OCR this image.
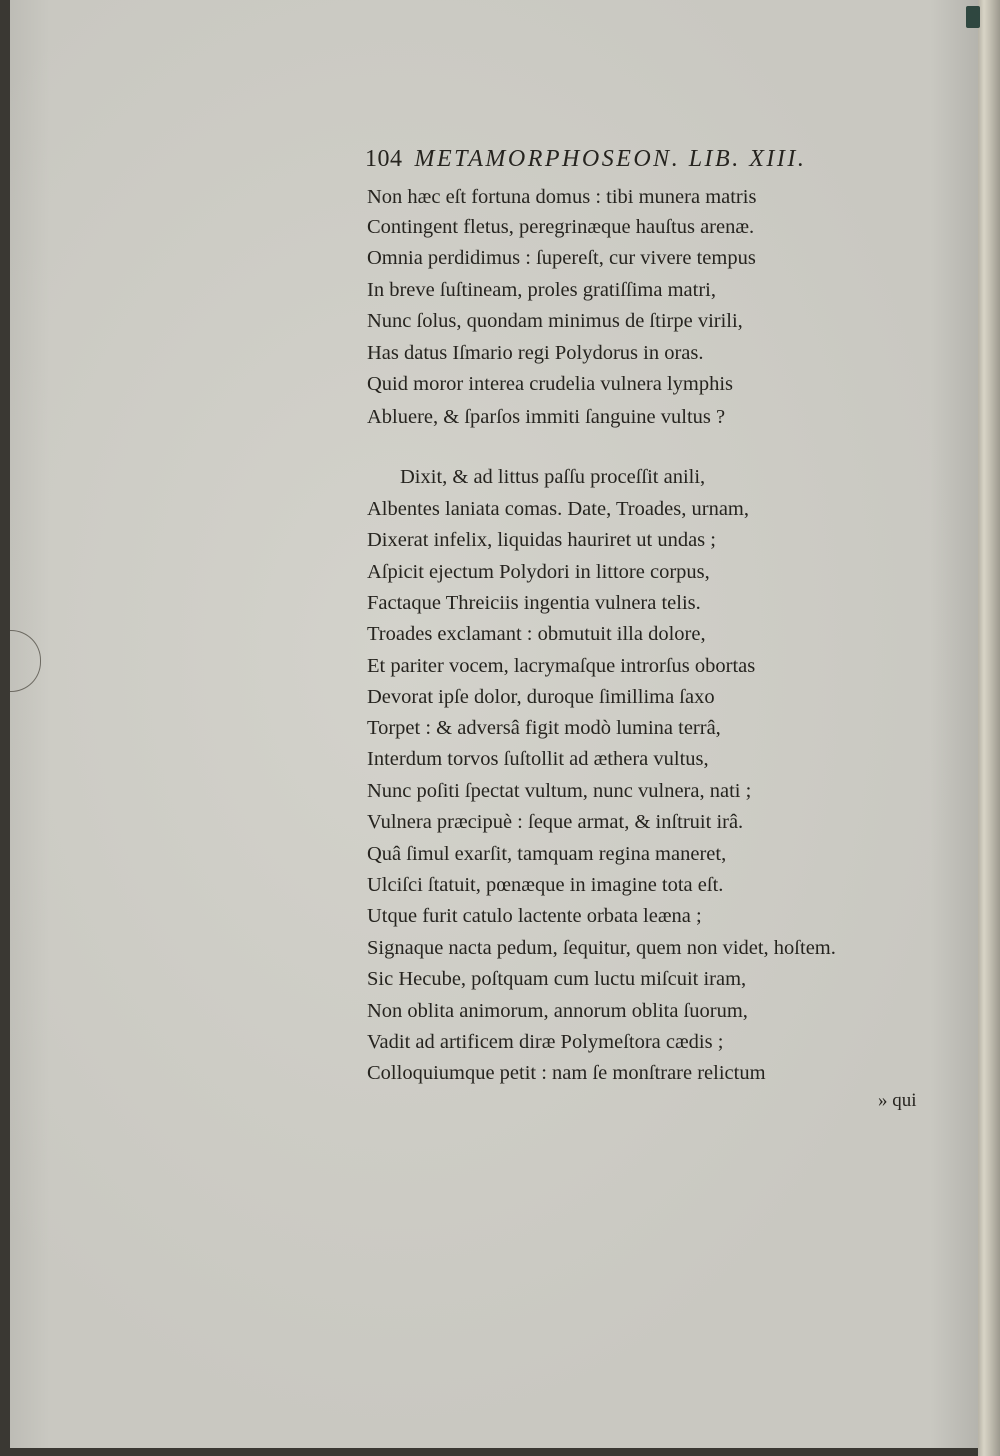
104 METAMORPHOSEON. LIB. XIII.
Non hæc eſt fortuna domus : tibi munera matris
Contingent fletus, peregrinæque hauſtus arenæ.
Omnia perdidimus : ſupereſt, cur vivere tempus
In breve ſuſtineam, proles gratiſſima matri,
Nunc ſolus, quondam minimus de ſtirpe virili,
Has datus Iſmario regi Polydorus in oras.
Quid moror interea crudelia vulnera lymphis
Abluere, & ſparſos immiti ſanguine vultus ?
Dixit, & ad littus paſſu proceſſit anili,
Albentes laniata comas. Date, Troades, urnam,
Dixerat infelix, liquidas hauriret ut undas ;
Aſpicit ejectum Polydori in littore corpus,
Factaque Threiciis ingentia vulnera telis.
Troades exclamant : obmutuit illa dolore,
Et pariter vocem, lacrymaſque introrſus obortas
Devorat ipſe dolor, duroque ſimillima ſaxo
Torpet : & adversâ figit modò lumina terrâ,
Interdum torvos ſuſtollit ad æthera vultus,
Nunc poſiti ſpectat vultum, nunc vulnera, nati ;
Vulnera præcipuè : ſeque armat, & inſtruit irâ.
Quâ ſimul exarſit, tamquam regina maneret,
Ulciſci ſtatuit, pœnæque in imagine tota eſt.
Utque furit catulo lactente orbata leæna ;
Signaque nacta pedum, ſequitur, quem non videt, hoſtem.
Sic Hecube, poſtquam cum luctu miſcuit iram,
Non oblita animorum, annorum oblita ſuorum,
Vadit ad artificem diræ Polymeſtora cædis ;
Colloquiumque petit : nam ſe monſtrare relictum
» qui
